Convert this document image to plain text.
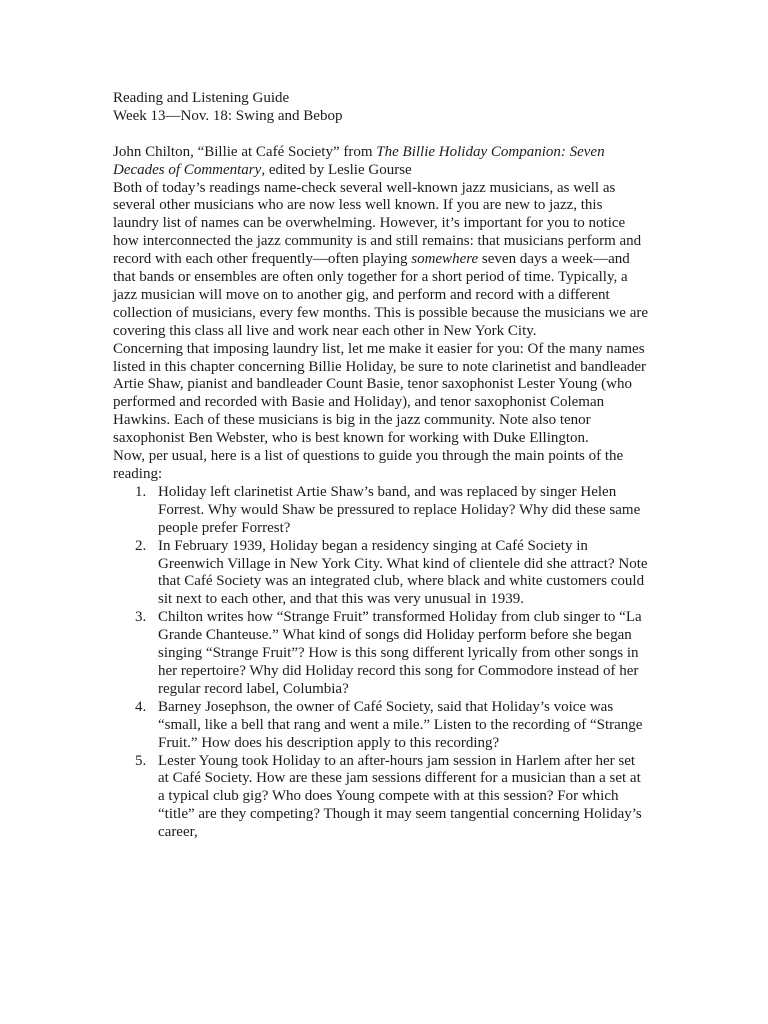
Reading and Listening Guide

Week 13—Nov. 18: Swing and Bebop

John Chilton, “Billie at Café Society” from The Billie Holiday Companion: Seven Decades of Commentary, edited by Leslie Gourse

Both of today’s readings name-check several well-known jazz musicians, as well as several other musicians who are now less well known. If you are new to jazz, this laundry list of names can be overwhelming. However, it’s important for you to notice how interconnected the jazz community is and still remains: that musicians perform and record with each other frequently—often playing somewhere seven days a week—and that bands or ensembles are often only together for a short period of time. Typically, a jazz musician will move on to another gig, and perform and record with a different collection of musicians, every few months. This is possible because the musicians we are covering this class all live and work near each other in New York City.

Concerning that imposing laundry list, let me make it easier for you: Of the many names listed in this chapter concerning Billie Holiday, be sure to note clarinetist and bandleader Artie Shaw, pianist and bandleader Count Basie, tenor saxophonist Lester Young (who performed and recorded with Basie and Holiday), and tenor saxophonist Coleman Hawkins. Each of these musicians is big in the jazz community. Note also tenor saxophonist Ben Webster, who is best known for working with Duke Ellington.

Now, per usual, here is a list of questions to guide you through the main points of the reading:

1. Holiday left clarinetist Artie Shaw’s band, and was replaced by singer Helen Forrest. Why would Shaw be pressured to replace Holiday? Why did these same people prefer Forrest?
2. In February 1939, Holiday began a residency singing at Café Society in Greenwich Village in New York City. What kind of clientele did she attract? Note that Café Society was an integrated club, where black and white customers could sit next to each other, and that this was very unusual in 1939.
3. Chilton writes how “Strange Fruit” transformed Holiday from club singer to “La Grande Chanteuse.” What kind of songs did Holiday perform before she began singing “Strange Fruit”? How is this song different lyrically from other songs in her repertoire? Why did Holiday record this song for Commodore instead of her regular record label, Columbia?
4. Barney Josephson, the owner of Café Society, said that Holiday’s voice was “small, like a bell that rang and went a mile.” Listen to the recording of “Strange Fruit.” How does his description apply to this recording?
5. Lester Young took Holiday to an after-hours jam session in Harlem after her set at Café Society. How are these jam sessions different for a musician than a set at a typical club gig? Who does Young compete with at this session? For which “title” are they competing? Though it may seem tangential concerning Holiday’s career,
